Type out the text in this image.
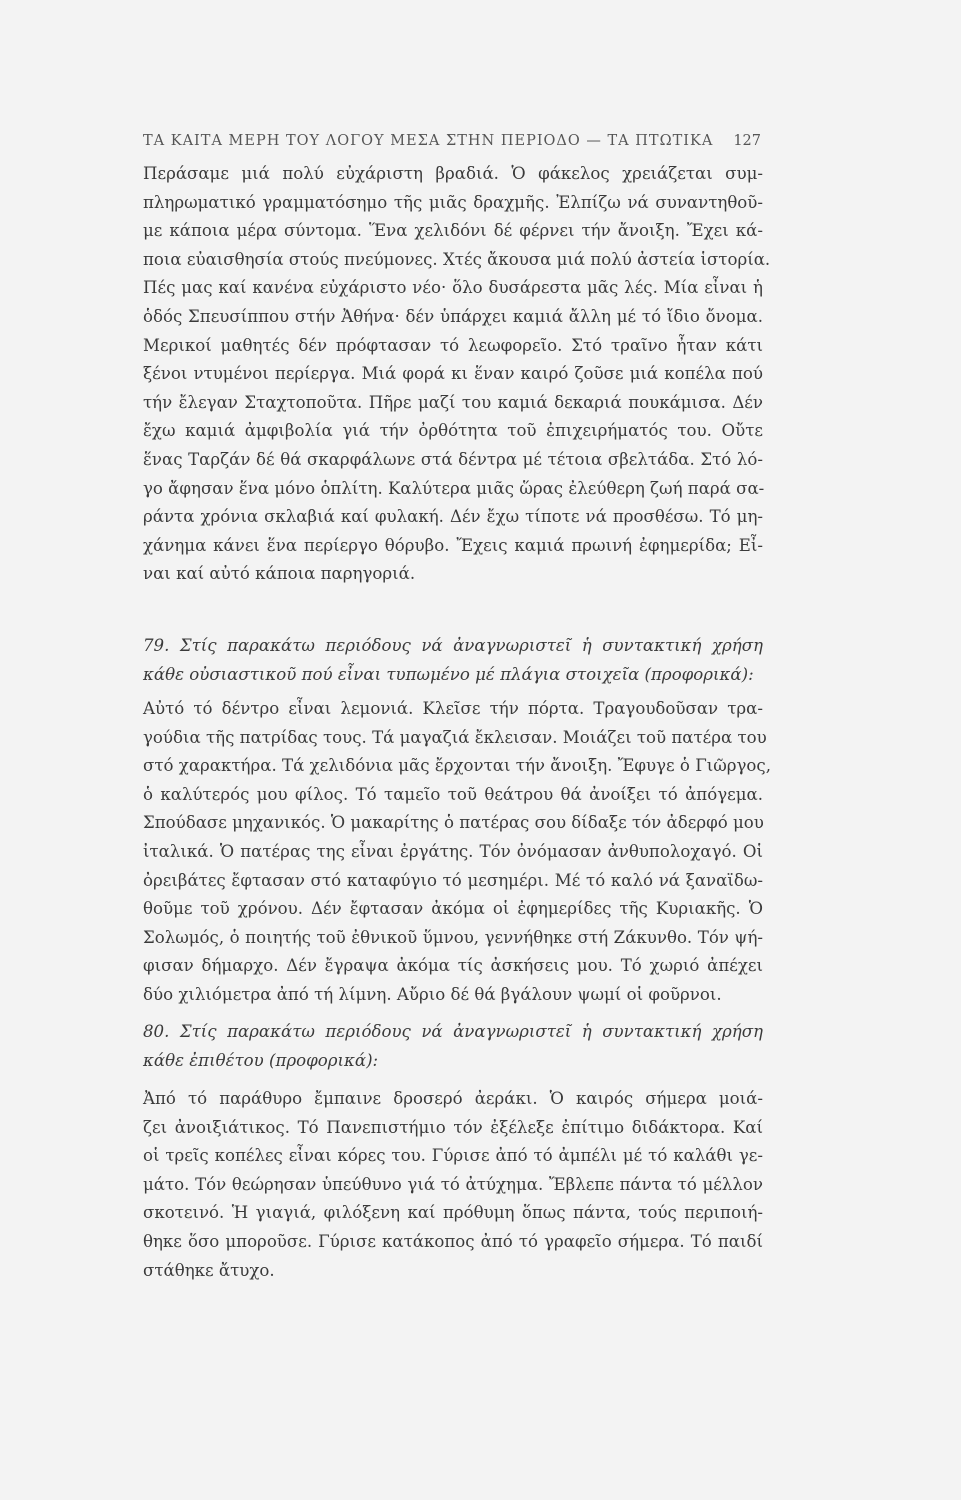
ΤΑ ΚΑΙΤΑ ΜΕΡΗ ΤΟΥ ΛΟΓΟΥ ΜΕΣΑ ΣΤΗΝ ΠΕΡΙΟΔΟ — ΤΑ ΠΤΩΤΙΚΑ 127
Περάσαμε μιά πολύ εὐχάριστη βραδιά. Ὁ φάκελος χρειάζεται συμ-
πληρωματικό γραμματόσημο τῆς μιᾶς δραχμῆς. Ἐλπίζω νά συναντηθοῦ-
με κάποια μέρα σύντομα. Ἕνα χελιδόνι δέ φέρνει τήν ἄνοιξη. Ἔχει κά-
ποια εὐαισθησία στούς πνεύμονες. Χτές ἄκουσα μιά πολύ ἀστεία ἱστορία.
Πές μας καί κανένα εὐχάριστο νέο· ὅλο δυσάρεστα μᾶς λές. Μία εἶναι ἡ
ὁδός Σπευσίππου στήν Ἀθήνα· δέν ὑπάρχει καμιά ἄλλη μέ τό ἴδιο ὄνομα.
Μερικοί μαθητές δέν πρόφτασαν τό λεωφορεῖο. Στό τραῖνο ἦταν κάτι
ξένοι ντυμένοι περίεργα. Μιά φορά κι ἕναν καιρό ζοῦσε μιά κοπέλα πού
τήν ἔλεγαν Σταχτοποῦτα. Πῆρε μαζί του καμιά δεκαριά πουκάμισα. Δέν
ἔχω καμιά ἀμφιβολία γιά τήν ὀρθότητα τοῦ ἐπιχειρήματός του. Οὔτε
ἕνας Ταρζάν δέ θά σκαρφάλωνε στά δέντρα μέ τέτοια σβελτάδα. Στό λό-
γο ἄφησαν ἕνα μόνο ὁπλίτη. Καλύτερα μιᾶς ὥρας ἐλεύθερη ζωή παρά σα-
ράντα χρόνια σκλαβιά καί φυλακή. Δέν ἔχω τίποτε νά προσθέσω. Τό μη-
χάνημα κάνει ἕνα περίεργο θόρυβο. Ἔχεις καμιά πρωινή ἐφημερίδα; Εἶ-
ναι καί αὐτό κάποια παρηγοριά.
79. Στίς παρακάτω περιόδους νά ἀναγνωριστεῖ ἡ συντακτική χρήση
κάθε οὐσιαστικοῦ πού εἶναι τυπωμένο μέ πλάγια στοιχεῖα (προφορικά):
Αὐτό τό δέντρο εἶναι λεμονιά. Κλεῖσε τήν πόρτα. Τραγουδοῦσαν τρα-
γούδια τῆς πατρίδας τους. Τά μαγαζιά ἔκλεισαν. Μοιάζει τοῦ πατέρα του
στό χαρακτήρα. Τά χελιδόνια μᾶς ἔρχονται τήν ἄνοιξη. Ἔφυγε ὁ Γιῶργος,
ὁ καλύτερός μου φίλος. Τό ταμεῖο τοῦ θεάτρου θά ἀνοίξει τό ἀπόγεμα.
Σπούδασε μηχανικός. Ὁ μακαρίτης ὁ πατέρας σου δίδαξε τόν ἀδερφό μου
ἰταλικά. Ὁ πατέρας της εἶναι ἐργάτης. Τόν ὀνόμασαν ἀνθυπολοχαγό. Οἱ
ὀρειβάτες ἔφτασαν στό καταφύγιο τό μεσημέρι. Μέ τό καλό νά ξαναϊδω-
θοῦμε τοῦ χρόνου. Δέν ἔφτασαν ἀκόμα οἱ ἐφημερίδες τῆς Κυριακῆς. Ὁ
Σολωμός, ὁ ποιητής τοῦ ἐθνικοῦ ὕμνου, γεννήθηκε στή Ζάκυνθο. Τόν ψή-
φισαν δήμαρχο. Δέν ἔγραψα ἀκόμα τίς ἀσκήσεις μου. Τό χωριό ἀπέχει
δύο χιλιόμετρα ἀπό τή λίμνη. Αὔριο δέ θά βγάλουν ψωμί οἱ φοῦρνοι.
80. Στίς παρακάτω περιόδους νά ἀναγνωριστεῖ ἡ συντακτική χρήση
κάθε ἐπιθέτου (προφορικά):
Ἀπό τό παράθυρο ἔμπαινε δροσερό ἀεράκι. Ὁ καιρός σήμερα μοιά-
ζει ἀνοιξιάτικος. Τό Πανεπιστήμιο τόν ἐξέλεξε ἐπίτιμο διδάκτορα. Καί
οἱ τρεῖς κοπέλες εἶναι κόρες του. Γύρισε ἀπό τό ἀμπέλι μέ τό καλάθι γε-
μάτο. Τόν θεώρησαν ὑπεύθυνο γιά τό ἀτύχημα. Ἔβλεπε πάντα τό μέλλον
σκοτεινό. Ἡ γιαγιά, φιλόξενη καί πρόθυμη ὅπως πάντα, τούς περιποιή-
θηκε ὅσο μποροῦσε. Γύρισε κατάκοπος ἀπό τό γραφεῖο σήμερα. Τό παιδί
στάθηκε ἄτυχο.
